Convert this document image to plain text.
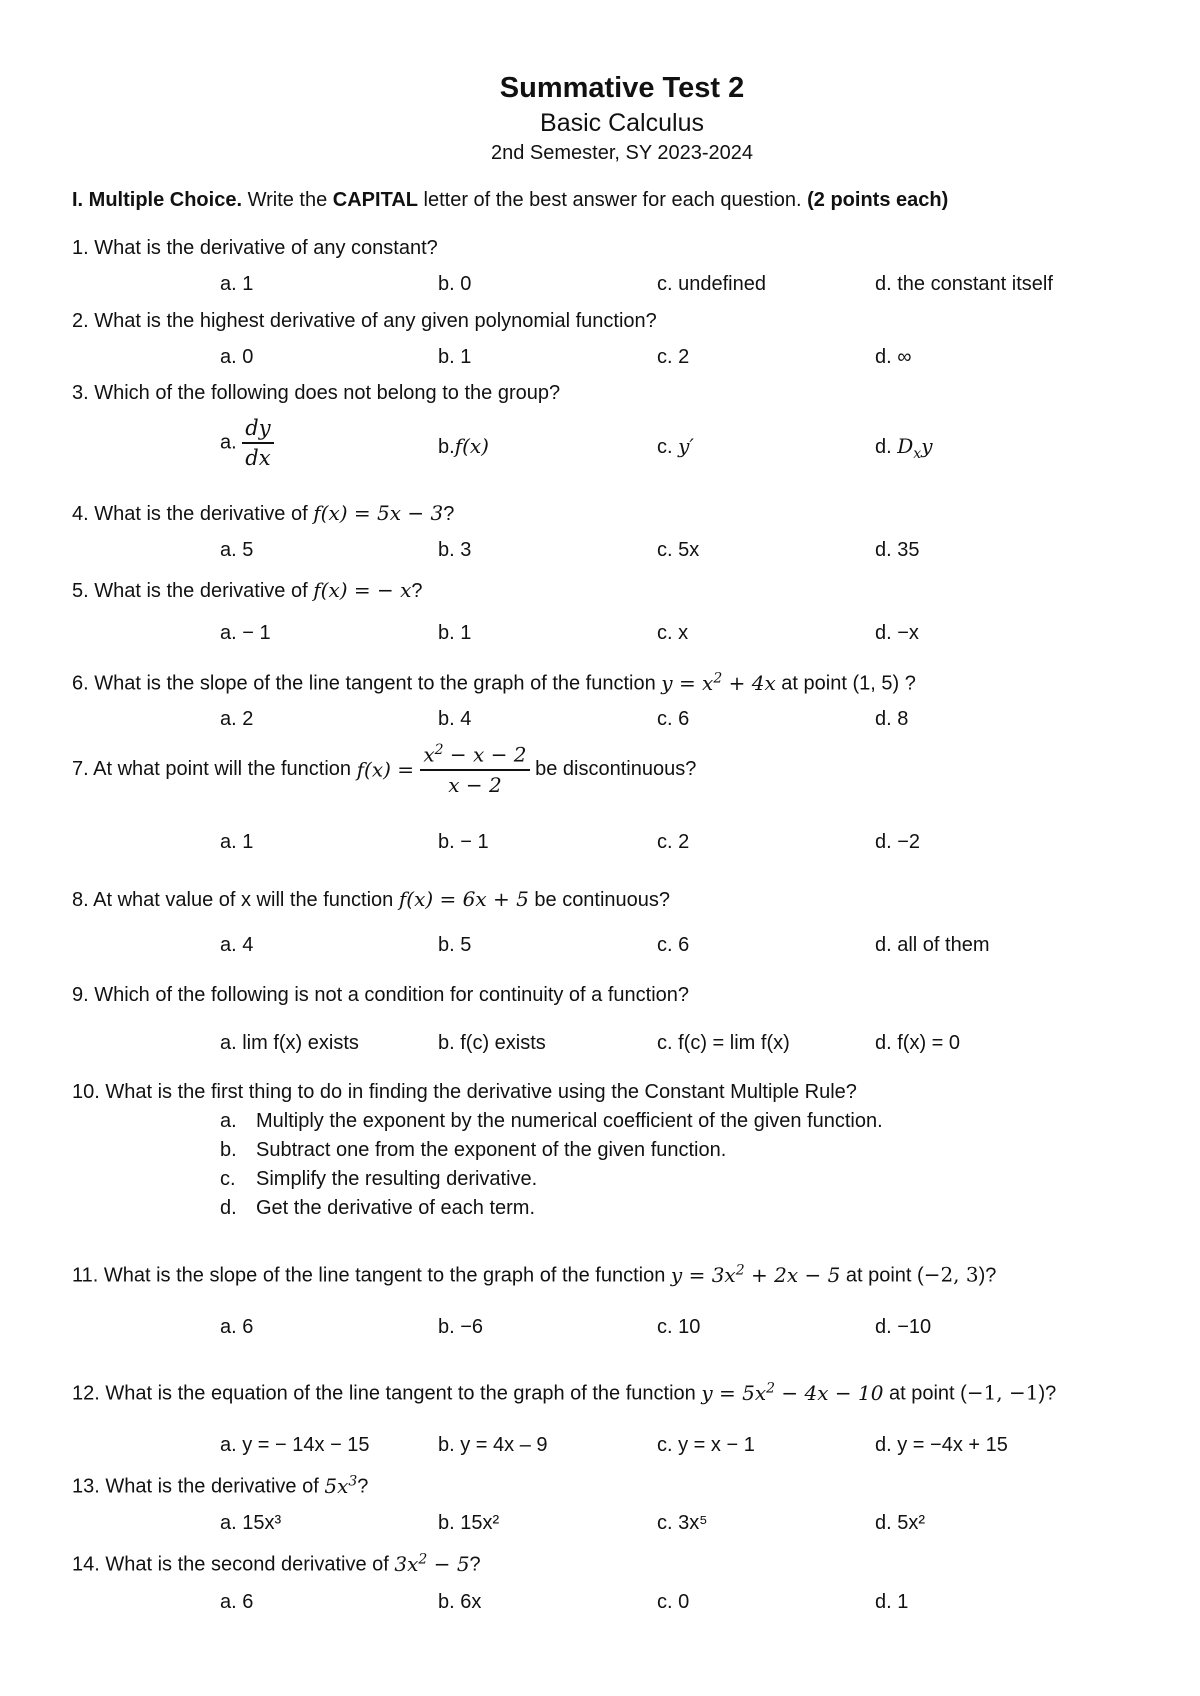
Summative Test 2
Basic Calculus
2nd Semester, SY 2023-2024
I. Multiple Choice. Write the CAPITAL letter of the best answer for each question. (2 points each)
1. What is the derivative of any constant?
a. 1	b. 0	c. undefined	d. the constant itself
2. What is the highest derivative of any given polynomial function?
a. 0	b. 1	c. 2	d. ∞
3. Which of the following does not belong to the group?
a. $\frac{dy}{dx}$	b.f(x)	c. y′	d. $D_xy$
4. What is the derivative of f(x) = 5x − 3?
a. 5	b. 3	c. 5x	d. 35
5. What is the derivative of f(x) = − x?
a. − 1	b. 1	c. x	d. −x
6. What is the slope of the line tangent to the graph of the function $y = x^2 + 4x$ at point (1, 5) ?
a. 2	b. 4	c. 6	d. 8
7. At what point will the function $f(x) = \frac{x^2 - x - 2}{x - 2}$ be discontinuous?
a. 1	b. − 1	c. 2	d. −2
8. At what value of x will the function f(x) = 6x + 5 be continuous?
a. 4	b. 5	c. 6	d. all of them
9. Which of the following is not a condition for continuity of a function?
a. lim f(x) exists	b. f(c) exists	c. f(c) = lim f(x)	d. f(x) = 0
10. What is the first thing to do in finding the derivative using the Constant Multiple Rule?
a. Multiply the exponent by the numerical coefficient of the given function.
b. Subtract one from the exponent of the given function.
c. Simplify the resulting derivative.
d. Get the derivative of each term.
11. What is the slope of the line tangent to the graph of the function $y = 3x^2 + 2x - 5$ at point (−2, 3)?
a. 6	b. −6	c. 10	d. −10
12. What is the equation of the line tangent to the graph of the function $y = 5x^2 - 4x - 10$ at point (−1, −1)?
a. y = − 14x − 15	b. y = 4x – 9	c. y = x − 1	d. y = −4x + 15
13. What is the derivative of $5x^3$?
a. 15x³	b. 15x²	c. 3x⁵	d. 5x²
14. What is the second derivative of $3x^2 - 5$?
a. 6	b. 6x	c. 0	d. 1
